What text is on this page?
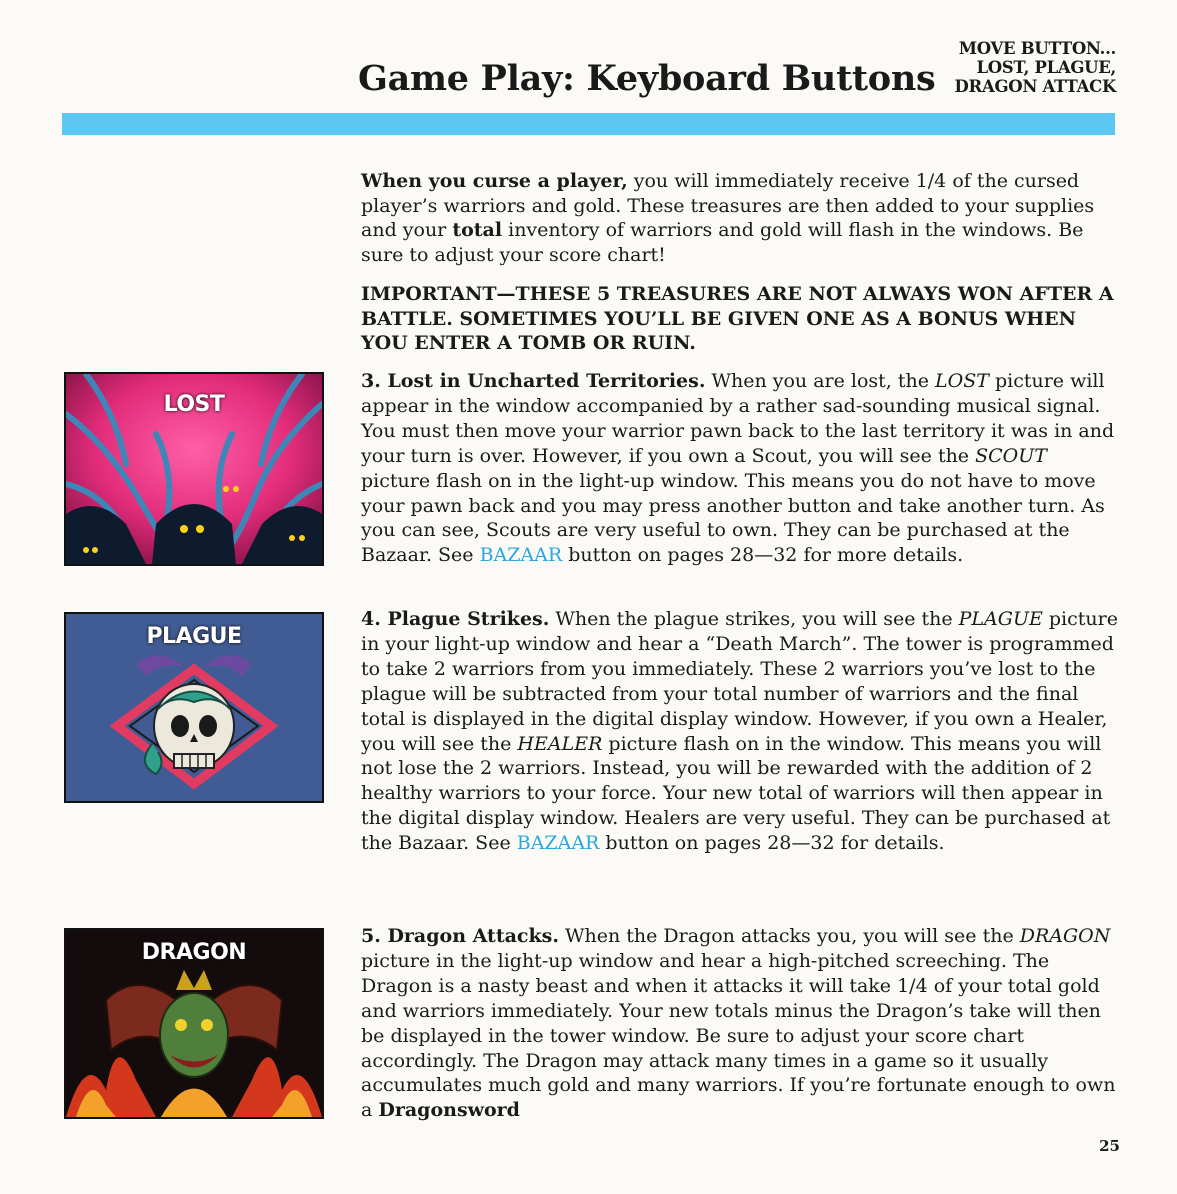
Game Play: Keyboard Buttons
MOVE BUTTON...
LOST, PLAGUE,
DRAGON ATTACK

When you curse a player, you will immediately receive 1/4 of the cursed player’s warriors and gold. These treasures are then added to your supplies and your total inventory of warriors and gold will flash in the windows. Be sure to adjust your score chart!

IMPORTANT—THESE 5 TREASURES ARE NOT ALWAYS WON AFTER A BATTLE. SOMETIMES YOU’LL BE GIVEN ONE AS A BONUS WHEN YOU ENTER A TOMB OR RUIN.
LOST

3. Lost in Uncharted Territories. When you are lost, the LOST picture will appear in the window accompanied by a rather sad-sounding musical signal. You must then move your warrior pawn back to the last territory it was in and your turn is over. However, if you own a Scout, you will see the SCOUT picture flash on in the light-up window. This means you do not have to move your pawn back and you may press another button and take another turn. As you can see, Scouts are very useful to own. They can be purchased at the Bazaar. See BAZAAR button on pages 28—32 for more details.

PLAGUE

4. Plague Strikes. When the plague strikes, you will see the PLAGUE picture in your light-up window and hear a “Death March”. The tower is programmed to take 2 warriors from you immediately. These 2 warriors you’ve lost to the plague will be subtracted from your total number of warriors and the final total is displayed in the digital display window. However, if you own a Healer, you will see the HEALER picture flash on in the window. This means you will not lose the 2 warriors. Instead, you will be rewarded with the addition of 2 healthy warriors to your force. Your new total of warriors will then appear in the digital display window. Healers are very useful. They can be purchased at the Bazaar. See BAZAAR button on pages 28—32 for details.

DRAGON

5. Dragon Attacks. When the Dragon attacks you, you will see the DRAGON picture in the light-up window and hear a high-pitched screeching. The Dragon is a nasty beast and when it attacks it will take 1/4 of your total gold and warriors immediately. Your new totals minus the Dragon’s take will then be displayed in the tower window. Be sure to adjust your score chart accordingly. The Dragon may attack many times in a game so it usually accumulates much gold and many warriors. If you’re fortunate enough to own a Dragonsword

25
